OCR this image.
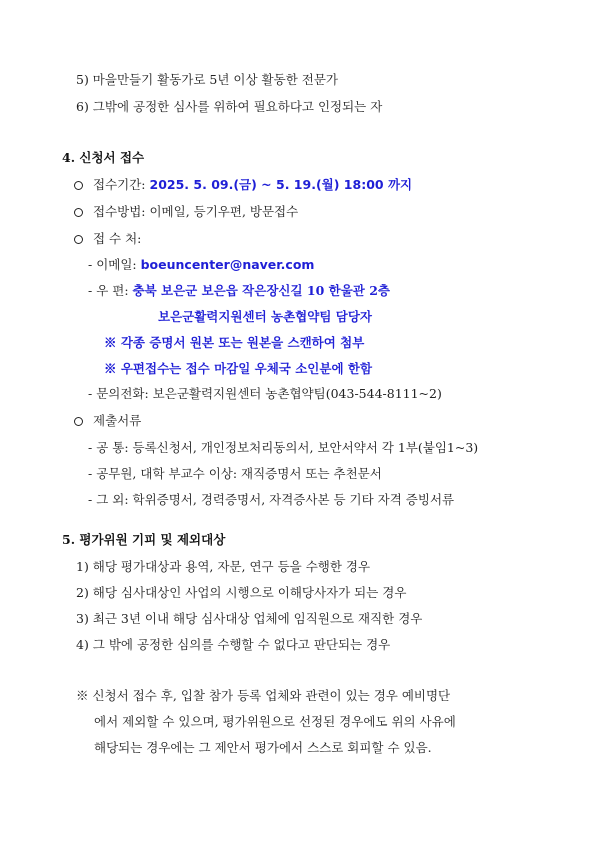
5) 마을만들기 활동가로 5년 이상 활동한 전문가
6) 그밖에 공정한 심사를 위하여 필요하다고 인정되는 자
4. 신청서 접수
접수기간: 2025. 5. 09.(금) ~ 5. 19.(월) 18:00 까지
접수방법: 이메일, 등기우편, 방문접수
접 수 처:
- 이메일: boeuncenter@naver.com
- 우 편: 충북 보은군 보은읍 작은장신길 10 한울관 2층
보은군활력지원센터 농촌협약팀 담당자
※ 각종 증명서 원본 또는 원본을 스캔하여 첨부
※ 우편접수는 접수 마감일 우체국 소인분에 한함
- 문의전화: 보은군활력지원센터 농촌협약팀(043-544-8111~2)
제출서류
- 공 통: 등록신청서, 개인정보처리동의서, 보안서약서 각 1부(붙임1~3)
- 공무원, 대학 부교수 이상: 재직증명서 또는 추천문서
- 그 외: 학위증명서, 경력증명서, 자격증사본 등 기타 자격 증빙서류
5. 평가위원 기피 및 제외대상
1) 해당 평가대상과 용역, 자문, 연구 등을 수행한 경우
2) 해당 심사대상인 사업의 시행으로 이해당사자가 되는 경우
3) 최근 3년 이내 해당 심사대상 업체에 임직원으로 재직한 경우
4) 그 밖에 공정한 심의를 수행할 수 없다고 판단되는 경우
※ 신청서 접수 후, 입찰 참가 등록 업체와 관련이 있는 경우 예비명단
에서 제외할 수 있으며, 평가위원으로 선정된 경우에도 위의 사유에
해당되는 경우에는 그 제안서 평가에서 스스로 회피할 수 있음.
